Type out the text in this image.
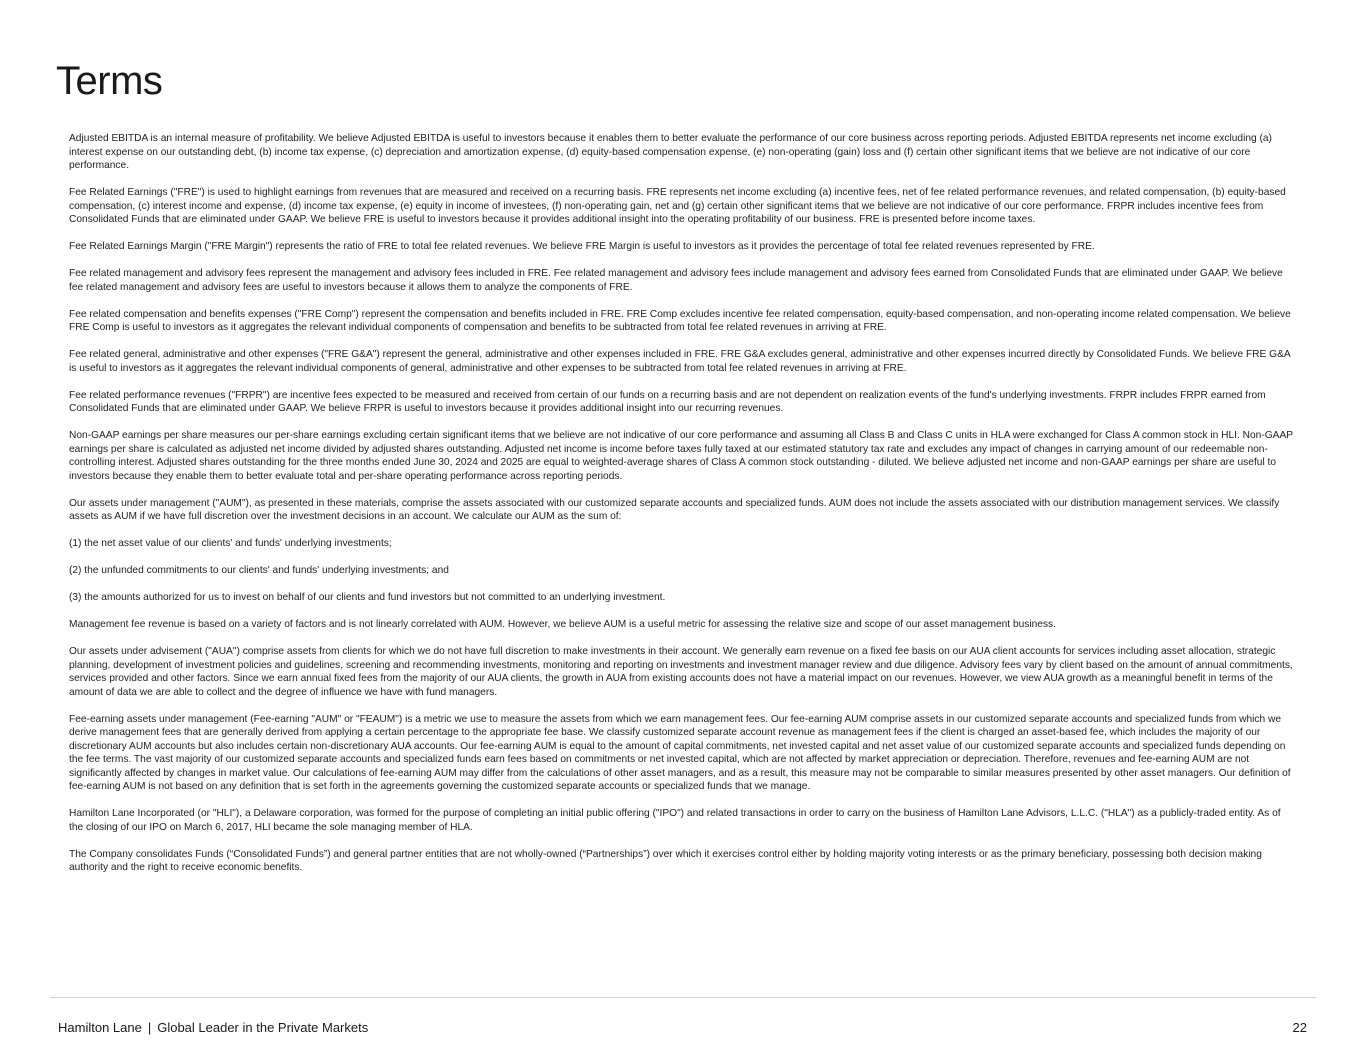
Terms

Adjusted EBITDA is an internal measure of profitability. We believe Adjusted EBITDA is useful to investors because it enables them to better evaluate the performance of our core business across reporting periods. Adjusted EBITDA represents net income excluding (a) interest expense on our outstanding debt, (b) income tax expense, (c) depreciation and amortization expense, (d) equity-based compensation expense, (e) non-operating (gain) loss and (f) certain other significant items that we believe are not indicative of our core performance.

Fee Related Earnings ("FRE") is used to highlight earnings from revenues that are measured and received on a recurring basis. FRE represents net income excluding (a) incentive fees, net of fee related performance revenues, and related compensation, (b) equity-based compensation, (c) interest income and expense, (d) income tax expense, (e) equity in income of investees, (f) non-operating gain, net and (g) certain other significant items that we believe are not indicative of our core performance. FRPR includes incentive fees from Consolidated Funds that are eliminated under GAAP. We believe FRE is useful to investors because it provides additional insight into the operating profitability of our business. FRE is presented before income taxes.

Fee Related Earnings Margin ("FRE Margin") represents the ratio of FRE to total fee related revenues. We believe FRE Margin is useful to investors as it provides the percentage of total fee related revenues represented by FRE.

Fee related management and advisory fees represent the management and advisory fees included in FRE. Fee related management and advisory fees include management and advisory fees earned from Consolidated Funds that are eliminated under GAAP. We believe fee related management and advisory fees are useful to investors because it allows them to analyze the components of FRE.

Fee related compensation and benefits expenses ("FRE Comp") represent the compensation and benefits included in FRE. FRE Comp excludes incentive fee related compensation, equity-based compensation, and non-operating income related compensation. We believe FRE Comp is useful to investors as it aggregates the relevant individual components of compensation and benefits to be subtracted from total fee related revenues in arriving at FRE.

Fee related general, administrative and other expenses ("FRE G&A") represent the general, administrative and other expenses included in FRE. FRE G&A excludes general, administrative and other expenses incurred directly by Consolidated Funds. We believe FRE G&A is useful to investors as it aggregates the relevant individual components of general, administrative and other expenses to be subtracted from total fee related revenues in arriving at FRE.

Fee related performance revenues ("FRPR") are incentive fees expected to be measured and received from certain of our funds on a recurring basis and are not dependent on realization events of the fund's underlying investments. FRPR includes FRPR earned from Consolidated Funds that are eliminated under GAAP. We believe FRPR is useful to investors because it provides additional insight into our recurring revenues.

Non-GAAP earnings per share measures our per-share earnings excluding certain significant items that we believe are not indicative of our core performance and assuming all Class B and Class C units in HLA were exchanged for Class A common stock in HLI. Non-GAAP earnings per share is calculated as adjusted net income divided by adjusted shares outstanding. Adjusted net income is income before taxes fully taxed at our estimated statutory tax rate and excludes any impact of changes in carrying amount of our redeemable non-controlling interest. Adjusted shares outstanding for the three months ended June 30, 2024 and 2025 are equal to weighted-average shares of Class A common stock outstanding - diluted. We believe adjusted net income and non-GAAP earnings per share are useful to investors because they enable them to better evaluate total and per-share operating performance across reporting periods.

Our assets under management ("AUM"), as presented in these materials, comprise the assets associated with our customized separate accounts and specialized funds. AUM does not include the assets associated with our distribution management services. We classify assets as AUM if we have full discretion over the investment decisions in an account. We calculate our AUM as the sum of:

(1) the net asset value of our clients' and funds' underlying investments;

(2) the unfunded commitments to our clients' and funds' underlying investments; and

(3) the amounts authorized for us to invest on behalf of our clients and fund investors but not committed to an underlying investment.

Management fee revenue is based on a variety of factors and is not linearly correlated with AUM. However, we believe AUM is a useful metric for assessing the relative size and scope of our asset management business.

Our assets under advisement ("AUA") comprise assets from clients for which we do not have full discretion to make investments in their account. We generally earn revenue on a fixed fee basis on our AUA client accounts for services including asset allocation, strategic planning, development of investment policies and guidelines, screening and recommending investments, monitoring and reporting on investments and investment manager review and due diligence. Advisory fees vary by client based on the amount of annual commitments, services provided and other factors. Since we earn annual fixed fees from the majority of our AUA clients, the growth in AUA from existing accounts does not have a material impact on our revenues. However, we view AUA growth as a meaningful benefit in terms of the amount of data we are able to collect and the degree of influence we have with fund managers.

Fee-earning assets under management (Fee-earning "AUM" or "FEAUM") is a metric we use to measure the assets from which we earn management fees. Our fee-earning AUM comprise assets in our customized separate accounts and specialized funds from which we derive management fees that are generally derived from applying a certain percentage to the appropriate fee base. We classify customized separate account revenue as management fees if the client is charged an asset-based fee, which includes the majority of our discretionary AUM accounts but also includes certain non-discretionary AUA accounts. Our fee-earning AUM is equal to the amount of capital commitments, net invested capital and net asset value of our customized separate accounts and specialized funds depending on the fee terms. The vast majority of our customized separate accounts and specialized funds earn fees based on commitments or net invested capital, which are not affected by market appreciation or depreciation. Therefore, revenues and fee-earning AUM are not significantly affected by changes in market value. Our calculations of fee-earning AUM may differ from the calculations of other asset managers, and as a result, this measure may not be comparable to similar measures presented by other asset managers. Our definition of fee-earning AUM is not based on any definition that is set forth in the agreements governing the customized separate accounts or specialized funds that we manage.

Hamilton Lane Incorporated (or "HLI"), a Delaware corporation, was formed for the purpose of completing an initial public offering ("IPO") and related transactions in order to carry on the business of Hamilton Lane Advisors, L.L.C. ("HLA") as a publicly-traded entity. As of the closing of our IPO on March 6, 2017, HLI became the sole managing member of HLA.

The Company consolidates Funds (“Consolidated Funds”) and general partner entities that are not wholly-owned (“Partnerships”) over which it exercises control either by holding majority voting interests or as the primary beneficiary, possessing both decision making authority and the right to receive economic benefits.

Hamilton Lane | Global Leader in the Private Markets	22
